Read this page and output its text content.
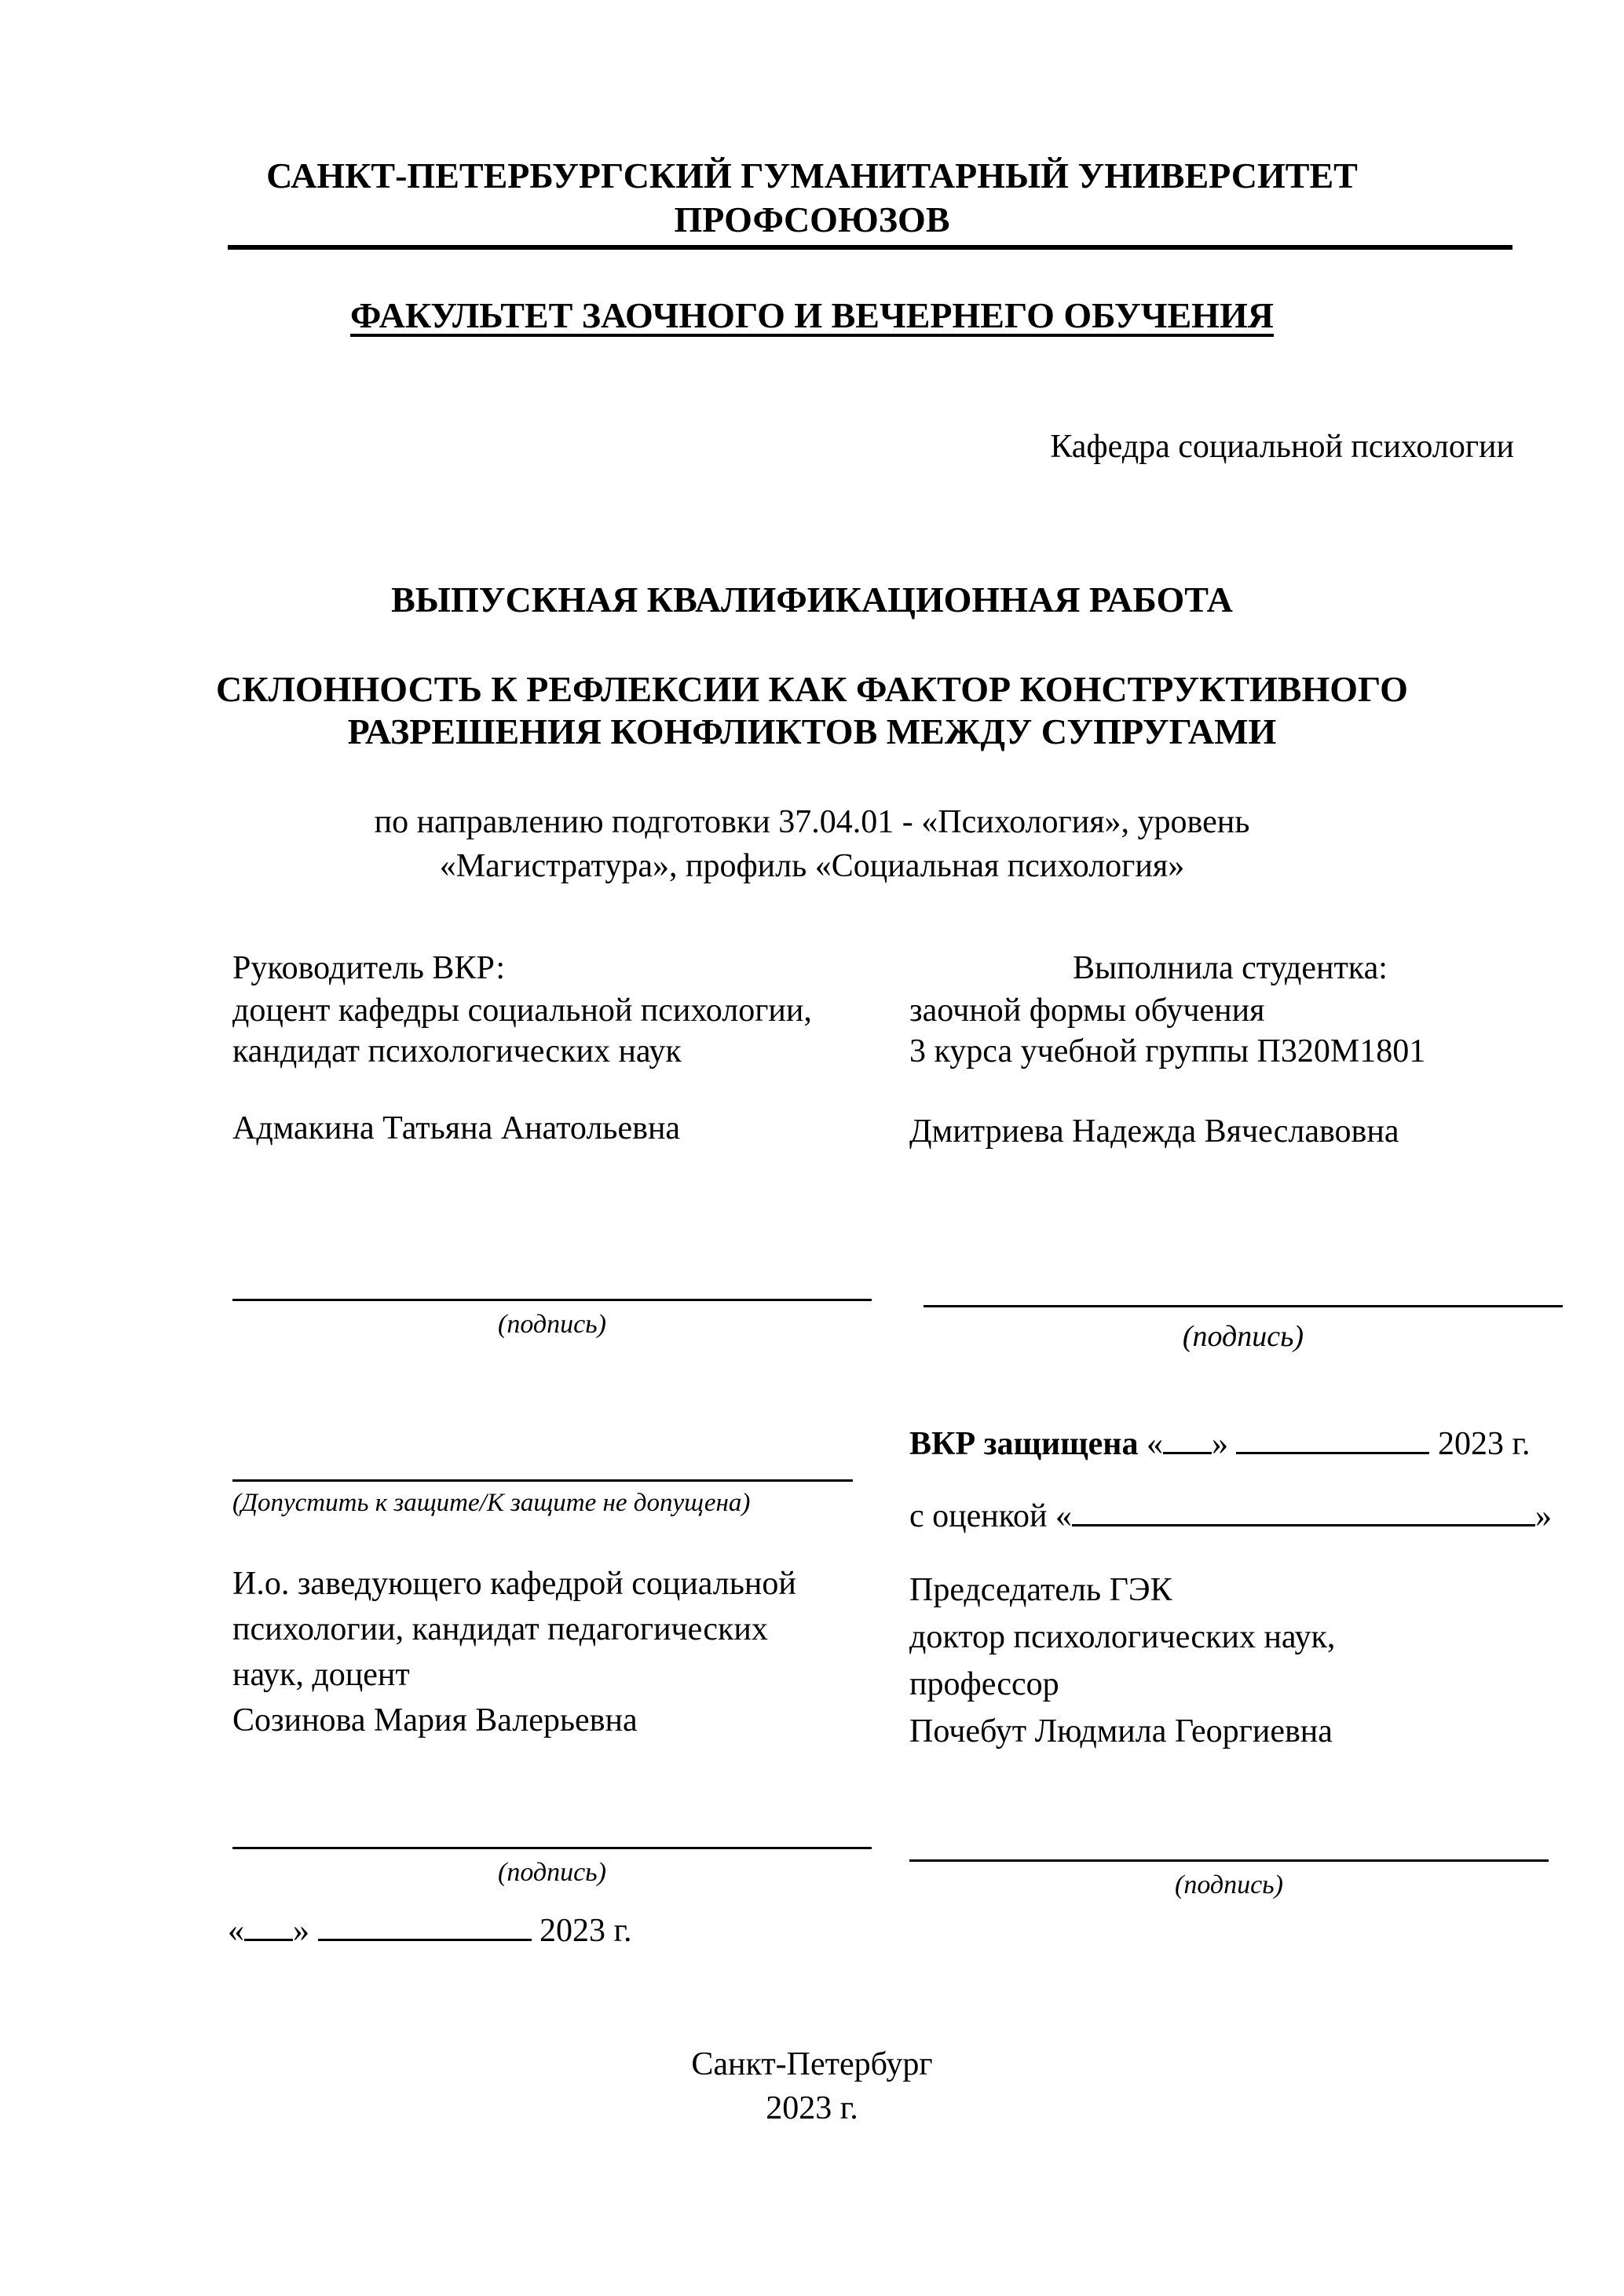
САНКТ-ПЕТЕРБУРГСКИЙ ГУМАНИТАРНЫЙ УНИВЕРСИТЕТ
ПРОФСОЮЗОВ
ФАКУЛЬТЕТ ЗАОЧНОГО И ВЕЧЕРНЕГО ОБУЧЕНИЯ
Кафедра социальной психологии
ВЫПУСКНАЯ КВАЛИФИКАЦИОННАЯ РАБОТА
СКЛОННОСТЬ К РЕФЛЕКСИИ КАК ФАКТОР КОНСТРУКТИВНОГО
РАЗРЕШЕНИЯ КОНФЛИКТОВ МЕЖДУ СУПРУГАМИ
по направлению подготовки 37.04.01 - «Психология», уровень
«Магистратура», профиль «Социальная психология»
Руководитель ВКР:
доцент кафедры социальной психологии,
кандидат психологических наук
Адмакина Татьяна Анатольевна
Выполнила студентка:
заочной формы обучения
3 курса учебной группы П320М1801
Дмитриева Надежда Вячеславовна
(подпись)	(подпись)
(Допустить к защите/К защите не допущена)
И.о. заведующего кафедрой социальной
психологии, кандидат педагогических
наук, доцент
Созинова Мария Валерьевна
(подпись)
« »	2023 г.
ВКР защищена « »	2023 г.
с оценкой «	»
Председатель ГЭК
доктор психологических наук,
профессор
Почебут Людмила Георгиевна
(подпись)
Санкт-Петербург
2023 г.
